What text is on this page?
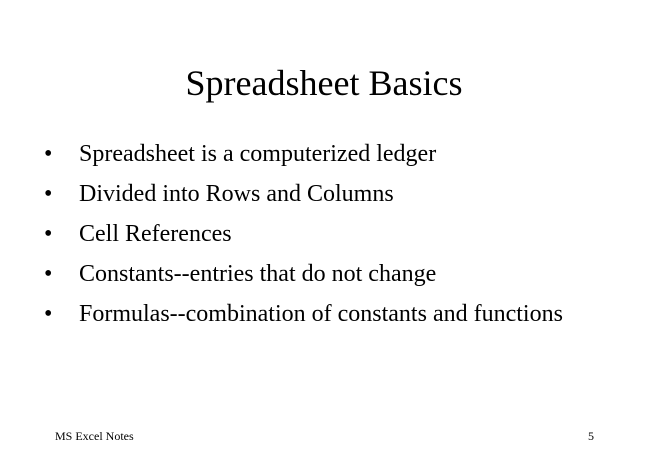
Spreadsheet Basics
• Spreadsheet is a computerized ledger
• Divided into Rows and Columns
• Cell References
• Constants--entries that do not change
• Formulas--combination of constants and functions
MS Excel Notes	5
